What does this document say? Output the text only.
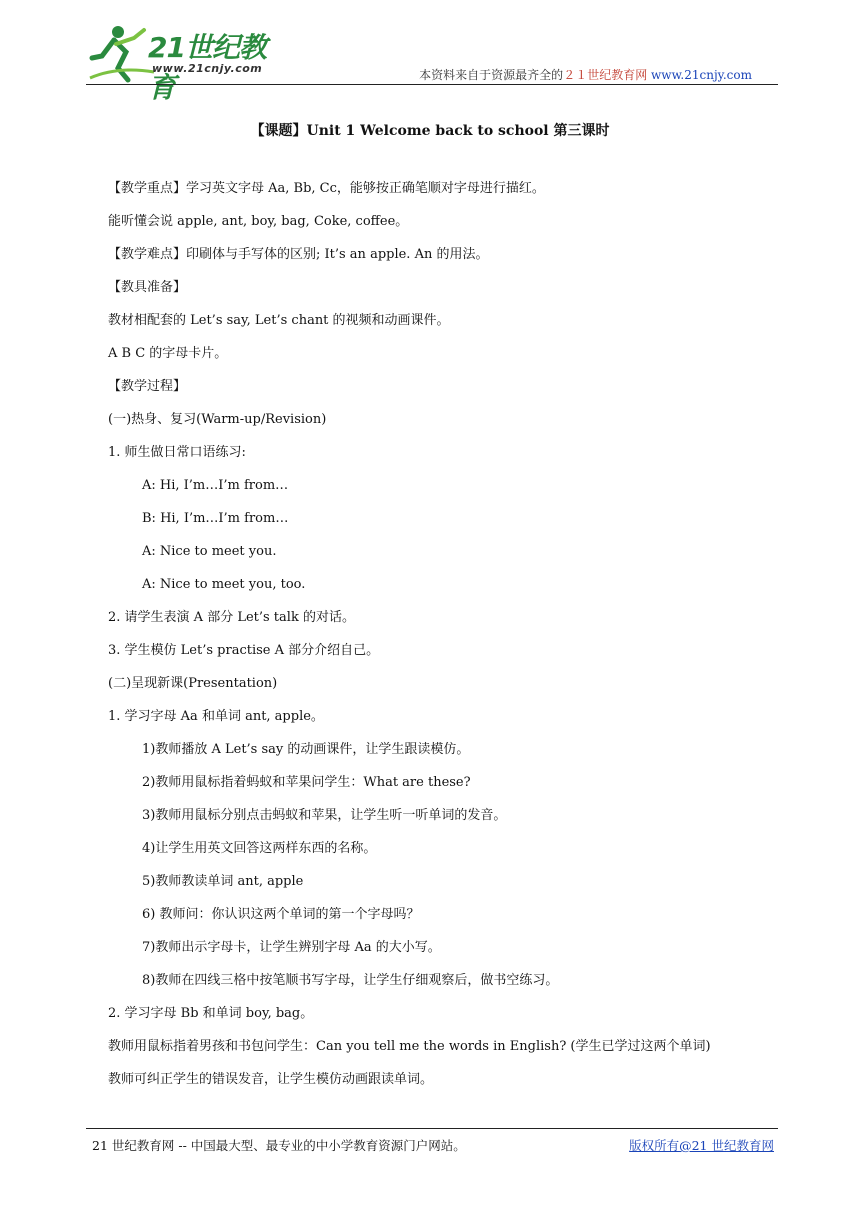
21世纪教育
www.21cnjy.com	本资料来自于资源最齐全的２１世纪教育网 www.21cnjy.com
【课题】Unit 1 Welcome back to school 第三课时
【教学重点】学习英文字母 Aa, Bb, Cc，能够按正确笔顺对字母进行描红。
能听懂会说 apple, ant, boy, bag, Coke, coffee。
【教学难点】印刷体与手写体的区别; It’s an apple. An 的用法。
【教具准备】
教材相配套的 Let’s say, Let’s chant 的视频和动画课件。
A B C 的字母卡片。
【教学过程】
(一)热身、复习(Warm-up/Revision)
1. 师生做日常口语练习:
A: Hi, I’m…I’m from…
B: Hi, I’m…I’m from…
A: Nice to meet you.
A: Nice to meet you, too.
2. 请学生表演 A 部分 Let’s talk 的对话。
3. 学生模仿 Let’s practise A 部分介绍自己。
(二)呈现新课(Presentation)
1. 学习字母 Aa 和单词 ant, apple。
1)教师播放 A Let’s say 的动画课件，让学生跟读模仿。
2)教师用鼠标指着蚂蚁和苹果问学生：What are these?
3)教师用鼠标分别点击蚂蚁和苹果，让学生听一听单词的发音。
4)让学生用英文回答这两样东西的名称。
5)教师教读单词 ant, apple
6) 教师问：你认识这两个单词的第一个字母吗？
7)教师出示字母卡，让学生辨别字母 Aa 的大小写。
8)教师在四线三格中按笔顺书写字母，让学生仔细观察后，做书空练习。
2. 学习字母 Bb 和单词 boy, bag。
教师用鼠标指着男孩和书包问学生：Can you tell me the words in English? (学生已学过这两个单词)
教师可纠正学生的错误发音，让学生模仿动画跟读单词。
21 世纪教育网 -- 中国最大型、最专业的中小学教育资源门户网站。	版权所有@21 世纪教育网
